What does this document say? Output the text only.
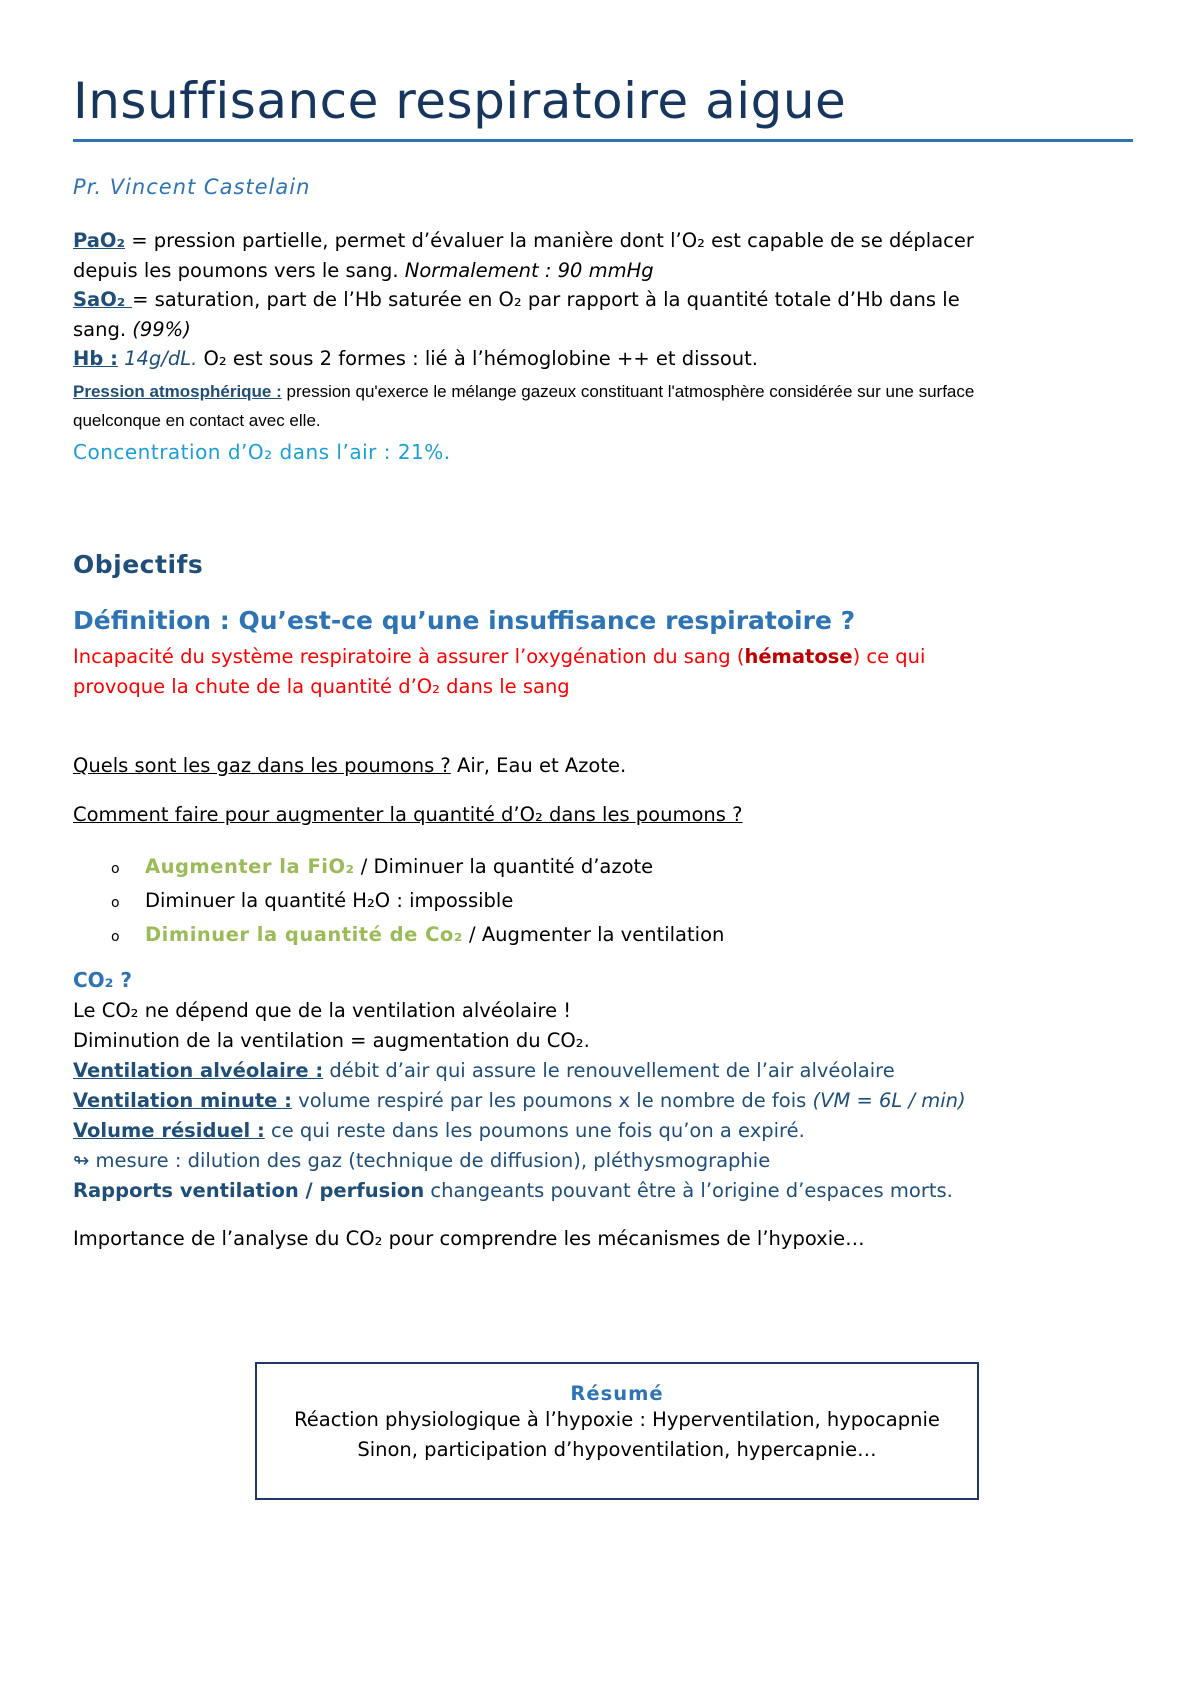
Insuffisance respiratoire aigue
Pr. Vincent Castelain
PaO₂ = pression partielle, permet d’évaluer la manière dont l’O₂ est capable de se déplacer
depuis les poumons vers le sang. Normalement : 90 mmHg
SaO₂ = saturation, part de l’Hb saturée en O₂ par rapport à la quantité totale d’Hb dans le
sang. (99%)
Hb : 14g/dL. O₂ est sous 2 formes : lié à l’hémoglobine ++ et dissout.
Pression atmosphérique : pression qu'exerce le mélange gazeux constituant l'atmosphère considérée sur une surface
quelconque en contact avec elle.
Concentration d’O₂ dans l’air : 21%.
Objectifs
Définition : Qu’est-ce qu’une insuffisance respiratoire ?
Incapacité du système respiratoire à assurer l’oxygénation du sang (hématose) ce qui
provoque la chute de la quantité d’O₂ dans le sang
Quels sont les gaz dans les poumons ? Air, Eau et Azote.
Comment faire pour augmenter la quantité d’O₂ dans les poumons ?
o	Augmenter la FiO₂ / Diminuer la quantité d’azote
o	Diminuer la quantité H₂O : impossible
o	Diminuer la quantité de Co₂ / Augmenter la ventilation
CO₂ ?
Le CO₂ ne dépend que de la ventilation alvéolaire !
Diminution de la ventilation = augmentation du CO₂.
Ventilation alvéolaire : débit d’air qui assure le renouvellement de l’air alvéolaire
Ventilation minute : volume respiré par les poumons x le nombre de fois (VM = 6L / min)
Volume résiduel : ce qui reste dans les poumons une fois qu’on a expiré.
↬ mesure : dilution des gaz (technique de diffusion), pléthysmographie
Rapports ventilation / perfusion changeants pouvant être à l’origine d’espaces morts.
Importance de l’analyse du CO₂ pour comprendre les mécanismes de l’hypoxie…
Résumé
Réaction physiologique à l’hypoxie : Hyperventilation, hypocapnie
Sinon, participation d’hypoventilation, hypercapnie…
